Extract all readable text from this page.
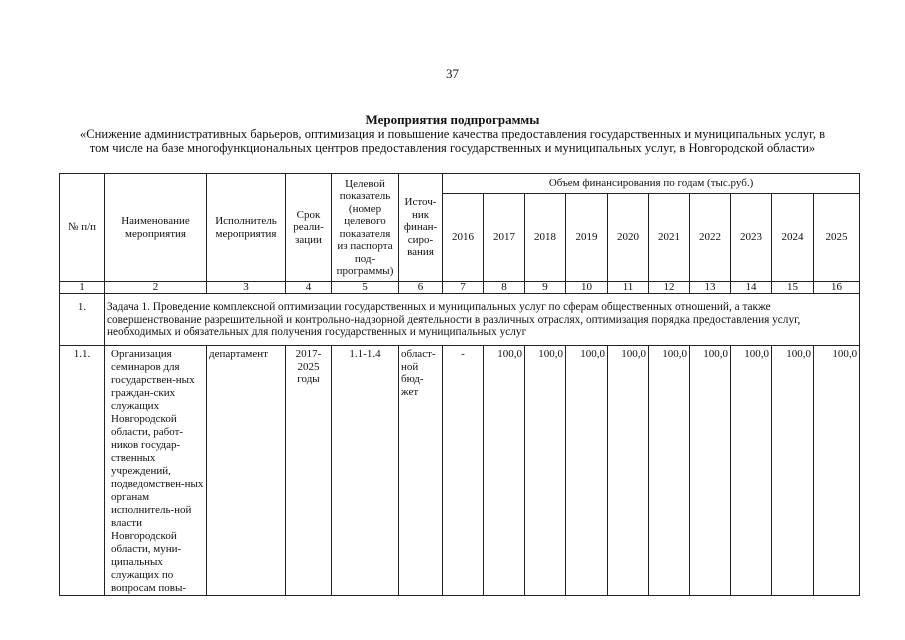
37
Мероприятия подпрограммы
«Снижение административных барьеров, оптимизация и повышение качества предоставления государственных и муниципальных услуг, в том числе на базе многофункциональных центров предоставления государственных и муниципальных услуг, в Новгородской области»
№ п/п	Наименование мероприятия	Исполнитель мероприятия	Срок реали-зации	Целевой показатель (номер целевого показателя из паспорта под-программы)	Источ-ник финан-сиро-вания	Объем финансирования по годам (тыс.руб.)									
						2016	2017	2018	2019	2020	2021	2022	2023	2024	2025
1	2	3	4	5	6	7	8	9	10	11	12	13	14	15	16
1.	Задача 1. Проведение комплексной оптимизации государственных и муниципальных услуг по сферам общественных отношений, а также совершенствование разрешительной и контрольно-надзорной деятельности в различных отраслях, оптимизация порядка предоставления услуг, необходимых и обязательных для получения государственных и муниципальных услуг														
1.1.	Организация семинаров для государствен-ных граждан-ских служащих Новгородской области, работ-ников государ-ственных учреждений, подведомствен-ных органам исполнитель-ной власти Новгородской области, муни-ципальных служащих по вопросам повы-	департамент	2017-2025 годы	1.1-1.4	област-ной бюд-жет	-	100,0	100,0	100,0	100,0	100,0	100,0	100,0	100,0	100,0
